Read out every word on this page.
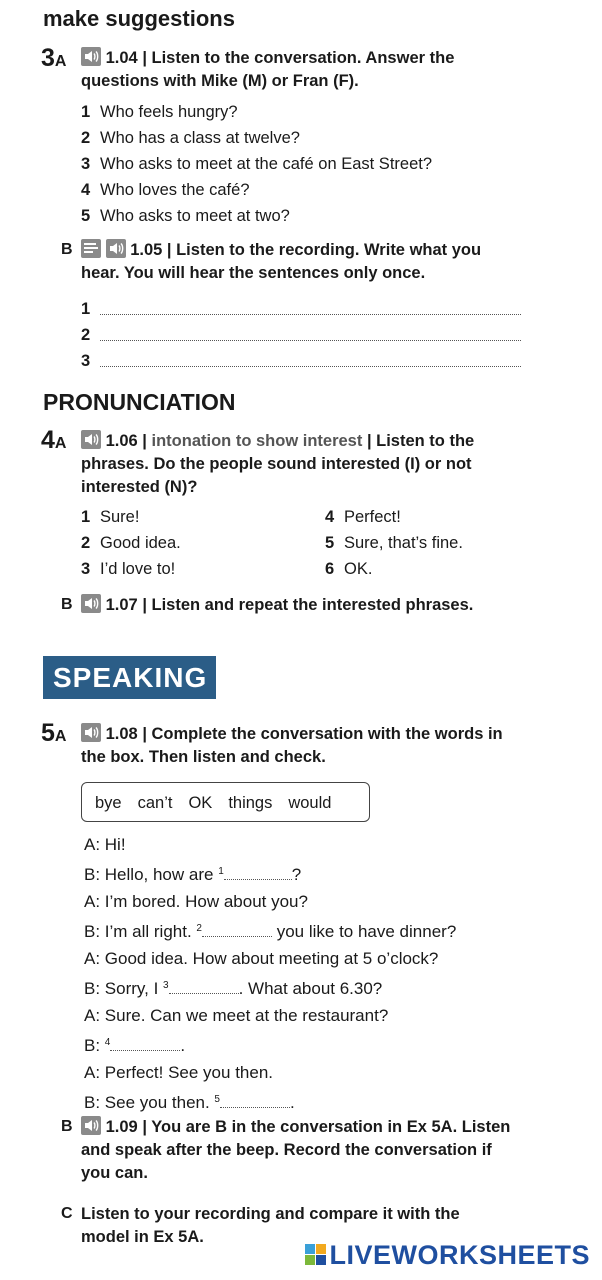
make suggestions
3A	1.04 | Listen to the conversation. Answer the
questions with Mike (M) or Fran (F).
1 Who feels hungry?
2 Who has a class at twelve?
3 Who asks to meet at the café on East Street?
4 Who loves the café?
5 Who asks to meet at two?
B
	1.05 | Listen to the recording. Write what you
hear. You will hear the sentences only once.
1
2
3
PRONUNCIATION
4A	1.06 | intonation to show interest | Listen to the
phrases. Do the people sound interested (I) or not
interested (N)?
1 Sure!
2 Good idea.
3 I’d love to!
4 Perfect!
5 Sure, that’s fine.
6 OK.
B	1.07 | Listen and repeat the interested phrases.
SPEAKING
5A	1.08 | Complete the conversation with the words in
the box. Then listen and check.
bye can’t OK things would
A: Hi!
B: Hello, how are $^1$	?
A: I’m bored. How about you?
B: I’m all right. $^2$	you like to have dinner?
A: Good idea. How about meeting at 5 o’clock?
B: Sorry, I $^3$	. What about 6.30?
A: Sure. Can we meet at the restaurant?
B: $^4$	.
A: Perfect! See you then.
B: See you then. $^5$	.
B	1.09 | You are B in the conversation in Ex 5A. Listen
and speak after the beep. Record the conversation if
you can.
C Listen to your recording and compare it with the
model in Ex 5A.
LIVEWORKSHEETS
